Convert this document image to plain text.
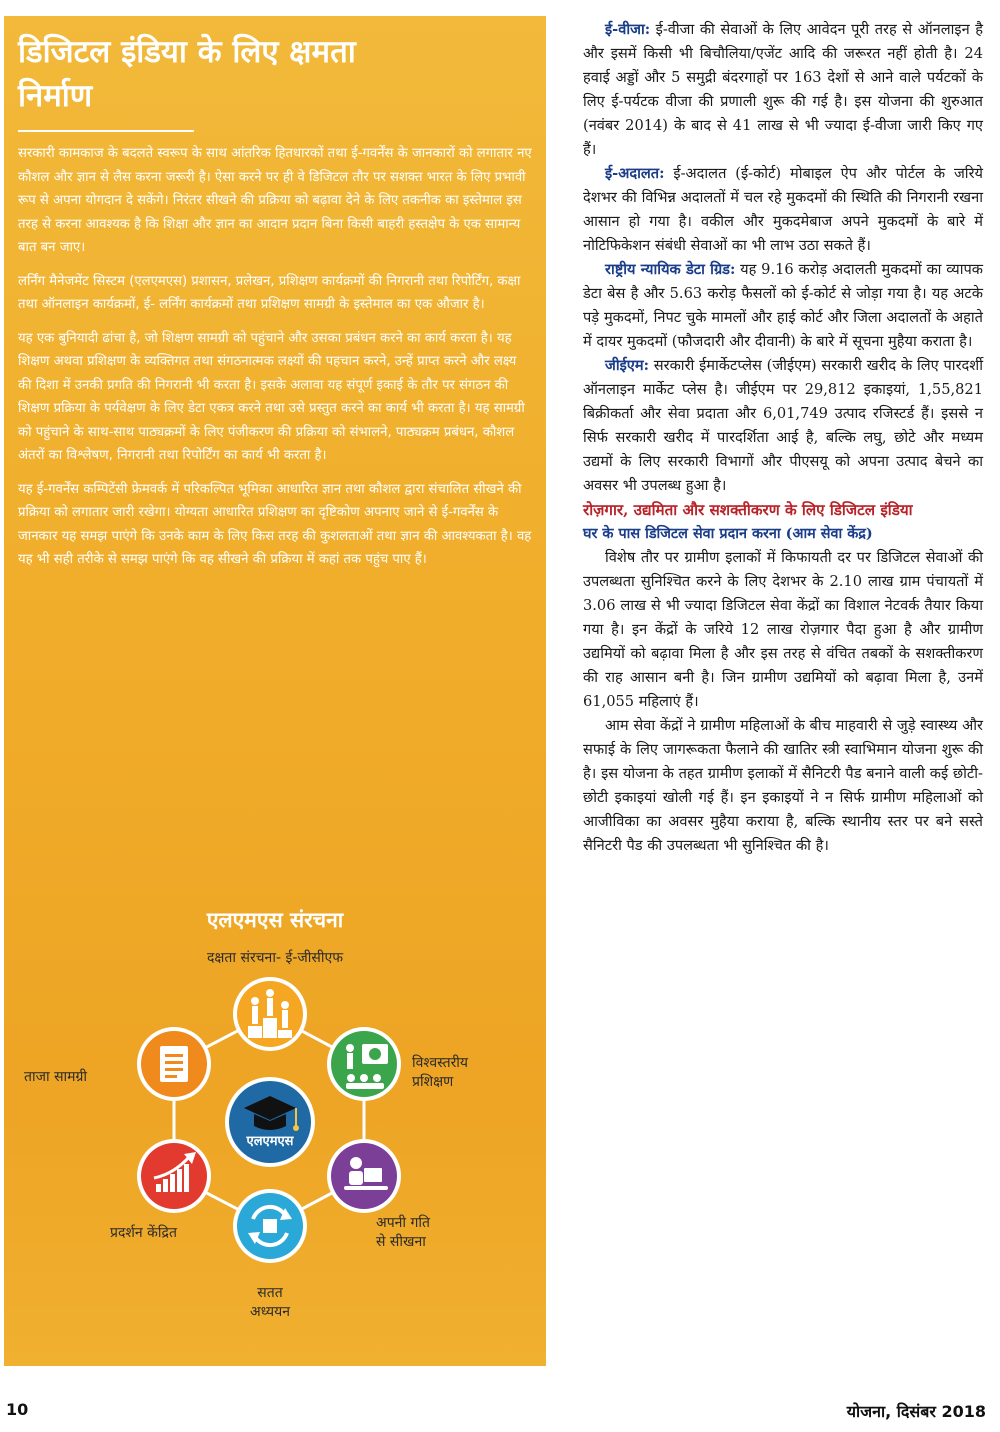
डिजिटल इंडिया के लिए क्षमता
निर्माण

सरकारी कामकाज के बदलते स्वरूप के साथ आंतरिक हितधारकों तथा ई-गवर्नेंस के जानकारों को लगातार नए कौशल और ज्ञान से लैस करना जरूरी है। ऐसा करने पर ही वे डिजिटल तौर पर सशक्त भारत के लिए प्रभावी रूप से अपना योगदान दे सकेंगे। निरंतर सीखने की प्रक्रिया को बढ़ावा देने के लिए तकनीक का इस्तेमाल इस तरह से करना आवश्यक है कि शिक्षा और ज्ञान का आदान प्रदान बिना किसी बाहरी हस्तक्षेप के एक सामान्य बात बन जाए।

लर्निंग मैनेजमेंट सिस्टम (एलएमएस) प्रशासन, प्रलेखन, प्रशिक्षण कार्यक्रमों की निगरानी तथा रिपोर्टिंग, कक्षा तथा ऑनलाइन कार्यक्रमों, ई- लर्निंग कार्यक्रमों तथा प्रशिक्षण सामग्री के इस्तेमाल का एक औजार है।

यह एक बुनियादी ढांचा है, जो शिक्षण सामग्री को पहुंचाने और उसका प्रबंधन करने का कार्य करता है। यह शिक्षण अथवा प्रशिक्षण के व्यक्तिगत तथा संगठनात्मक लक्ष्यों की पहचान करने, उन्हें प्राप्त करने और लक्ष्य की दिशा में उनकी प्रगति की निगरानी भी करता है। इसके अलावा यह संपूर्ण इकाई के तौर पर संगठन की शिक्षण प्रक्रिया के पर्यवेक्षण के लिए डेटा एकत्र करने तथा उसे प्रस्तुत करने का कार्य भी करता है। यह सामग्री को पहुंचाने के साथ-साथ पाठ्यक्रमों के लिए पंजीकरण की प्रक्रिया को संभालने, पाठ्यक्रम प्रबंधन, कौशल अंतरों का विश्लेषण, निगरानी तथा रिपोर्टिंग का कार्य भी करता है।

यह ई-गवर्नेंस कम्पिटेंसी फ्रेमवर्क में परिकल्पित भूमिका आधारित ज्ञान तथा कौशल द्वारा संचालित सीखने की प्रक्रिया को लगातार जारी रखेगा। योग्यता आधारित प्रशिक्षण का दृष्टिकोण अपनाए जाने से ई-गवर्नेंस के जानकार यह समझ पाएंगे कि उनके काम के लिए किस तरह की कुशलताओं तथा ज्ञान की आवश्यकता है। वह यह भी सही तरीके से समझ पाएंगे कि वह सीखने की प्रक्रिया में कहां तक पहुंच पाए हैं।

एलएमएस संरचना
दक्षता संरचना- ई-जीसीएफ
एलएमएस
ताजा सामग्री
विश्वस्तरीय
प्रशिक्षण
अपनी गति
से सीखना
सतत
अध्ययन
प्रदर्शन केंद्रित

ई-वीजा: ई-वीजा की सेवाओं के लिए आवेदन पूरी तरह से ऑनलाइन है और इसमें किसी भी बिचौलिया/एजेंट आदि की जरूरत नहीं होती है। 24 हवाई अड्डों और 5 समुद्री बंदरगाहों पर 163 देशों से आने वाले पर्यटकों के लिए ई-पर्यटक वीजा की प्रणाली शुरू की गई है। इस योजना की शुरुआत (नवंबर 2014) के बाद से 41 लाख से भी ज्यादा ई-वीजा जारी किए गए हैं।

ई-अदालत: ई-अदालत (ई-कोर्ट) मोबाइल ऐप और पोर्टल के जरिये देशभर की विभिन्न अदालतों में चल रहे मुकदमों की स्थिति की निगरानी रखना आसान हो गया है। वकील और मुकदमेबाज अपने मुकदमों के बारे में नोटिफिकेशन संबंधी सेवाओं का भी लाभ उठा सकते हैं।

राष्ट्रीय न्यायिक डेटा ग्रिड: यह 9.16 करोड़ अदालती मुकदमों का व्यापक डेटा बेस है और 5.63 करोड़ फैसलों को ई-कोर्ट से जोड़ा गया है। यह अटके पड़े मुकदमों, निपट चुके मामलों और हाई कोर्ट और जिला अदालतों के अहाते में दायर मुकदमों (फौजदारी और दीवानी) के बारे में सूचना मुहैया कराता है।

जीईएम: सरकारी ईमार्केटप्लेस (जीईएम) सरकारी खरीद के लिए पारदर्शी ऑनलाइन मार्केट प्लेस है। जीईएम पर 29,812 इकाइयां, 1,55,821 बिक्रीकर्ता और सेवा प्रदाता और 6,01,749 उत्पाद रजिस्टर्ड हैं। इससे न सिर्फ सरकारी खरीद में पारदर्शिता आई है, बल्कि लघु, छोटे और मध्यम उद्यमों के लिए सरकारी विभागों और पीएसयू को अपना उत्पाद बेचने का अवसर भी उपलब्ध हुआ है।

रोज़गार, उद्यमिता और सशक्तीकरण के लिए डिजिटल इंडिया

घर के पास डिजिटल सेवा प्रदान करना (आम सेवा केंद्र)

विशेष तौर पर ग्रामीण इलाकों में किफायती दर पर डिजिटल सेवाओं की उपलब्धता सुनिश्चित करने के लिए देशभर के 2.10 लाख ग्राम पंचायतों में 3.06 लाख से भी ज्यादा डिजिटल सेवा केंद्रों का विशाल नेटवर्क तैयार किया गया है। इन केंद्रों के जरिये 12 लाख रोज़गार पैदा हुआ है और ग्रामीण उद्यमियों को बढ़ावा मिला है और इस तरह से वंचित तबकों के सशक्तीकरण की राह आसान बनी है। जिन ग्रामीण उद्यमियों को बढ़ावा मिला है, उनमें 61,055 महिलाएं हैं।

आम सेवा केंद्रों ने ग्रामीण महिलाओं के बीच माहवारी से जुड़े स्वास्थ्य और सफाई के लिए जागरूकता फैलाने की खातिर स्त्री स्वाभिमान योजना शुरू की है। इस योजना के तहत ग्रामीण इलाकों में सैनिटरी पैड बनाने वाली कई छोटी-छोटी इकाइयां खोली गई हैं। इन इकाइयों ने न सिर्फ ग्रामीण महिलाओं को आजीविका का अवसर मुहैया कराया है, बल्कि स्थानीय स्तर पर बने सस्ते सैनिटरी पैड की उपलब्धता भी सुनिश्चित की है।

10	योजना, दिसंबर 2018
